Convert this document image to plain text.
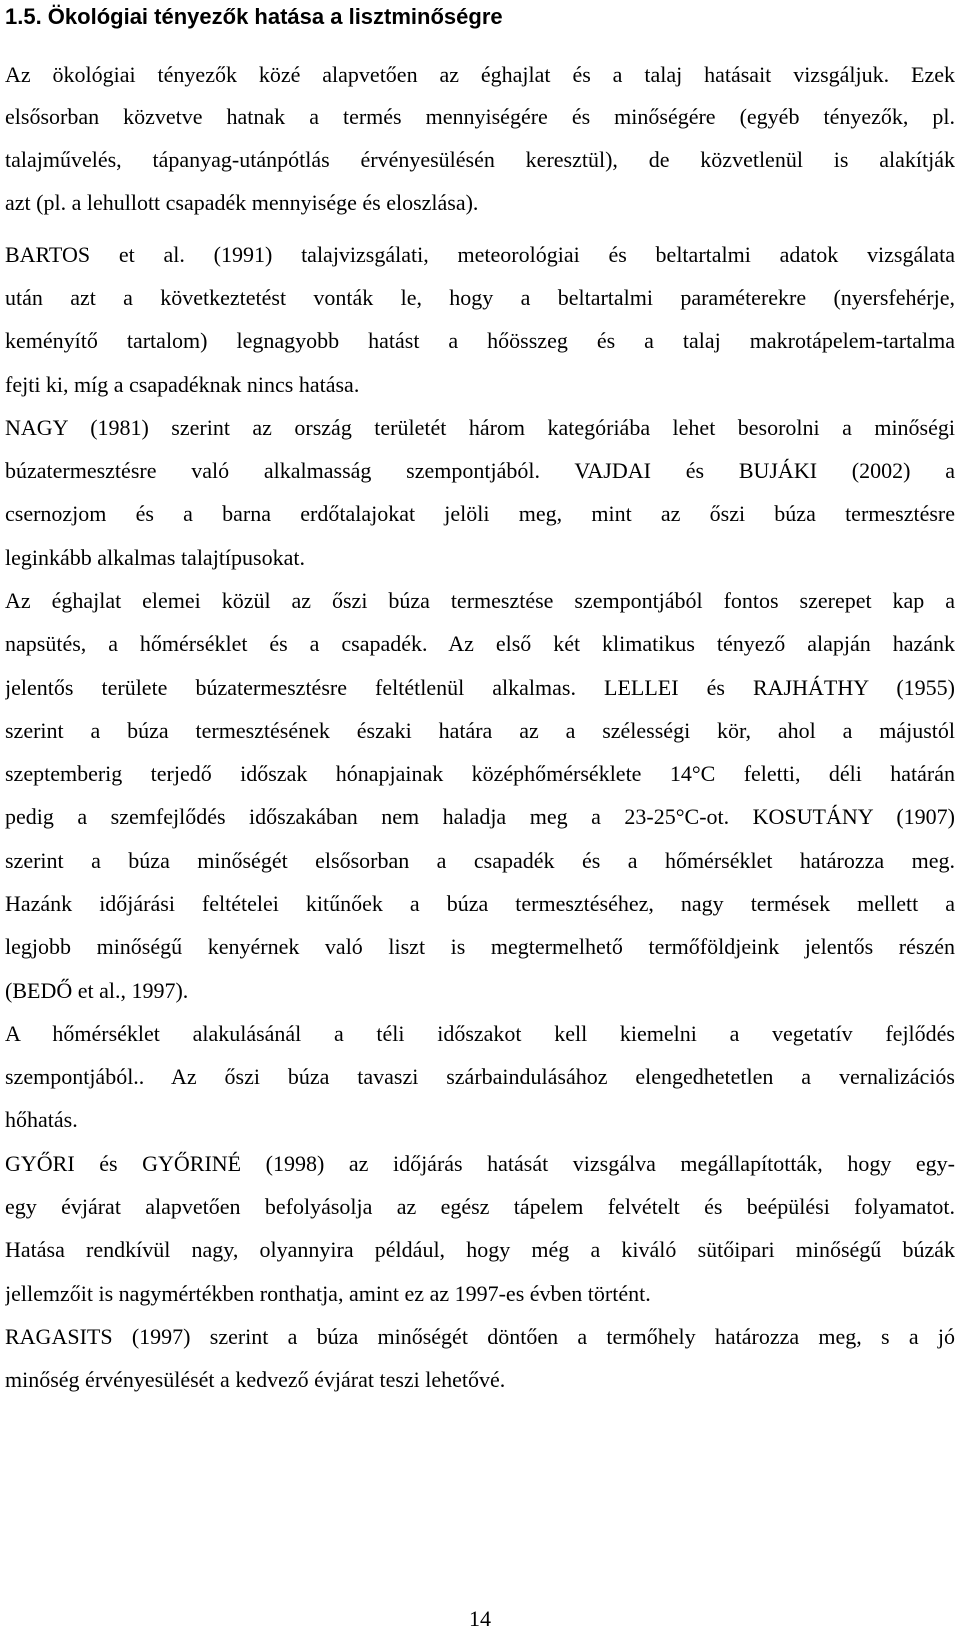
1.5. Ökológiai tényezők hatása a lisztminőségre
Az ökológiai tényezők közé alapvetően az éghajlat és a talaj hatásait vizsgáljuk. Ezek
elsősorban közvetve hatnak a termés mennyiségére és minőségére (egyéb tényezők, pl.
talajművelés, tápanyag-utánpótlás érvényesülésén keresztül), de közvetlenül is alakítják
azt (pl. a lehullott csapadék mennyisége és eloszlása).
BARTOS et al. (1991) talajvizsgálati, meteorológiai és beltartalmi adatok vizsgálata
után azt a következtetést vonták le, hogy a beltartalmi paraméterekre (nyersfehérje,
keményítő tartalom) legnagyobb hatást a hőösszeg és a talaj makrotápelem-tartalma
fejti ki, míg a csapadéknak nincs hatása.
NAGY (1981) szerint az ország területét három kategóriába lehet besorolni a minőségi
búzatermesztésre való alkalmasság szempontjából. VAJDAI és BUJÁKI (2002) a
csernozjom és a barna erdőtalajokat jelöli meg, mint az őszi búza termesztésre
leginkább alkalmas talajtípusokat.
Az éghajlat elemei közül az őszi búza termesztése szempontjából fontos szerepet kap a
napsütés, a hőmérséklet és a csapadék. Az első két klimatikus tényező alapján hazánk
jelentős területe búzatermesztésre feltétlenül alkalmas. LELLEI és RAJHÁTHY (1955)
szerint a búza termesztésének északi határa az a szélességi kör, ahol a májustól
szeptemberig terjedő időszak hónapjainak középhőmérséklete 14°C feletti, déli határán
pedig a szemfejlődés időszakában nem haladja meg a 23-25°C-ot. KOSUTÁNY (1907)
szerint a búza minőségét elsősorban a csapadék és a hőmérséklet határozza meg.
Hazánk időjárási feltételei kitűnőek a búza termesztéséhez, nagy termések mellett a
legjobb minőségű kenyérnek való liszt is megtermelhető termőföldjeink jelentős részén
(BEDŐ et al., 1997).
A hőmérséklet alakulásánál a téli időszakot kell kiemelni a vegetatív fejlődés
szempontjából.. Az őszi búza tavaszi szárbaindulásához elengedhetetlen a vernalizációs
hőhatás.
GYŐRI és GYŐRINÉ (1998) az időjárás hatását vizsgálva megállapították, hogy egy-
egy évjárat alapvetően befolyásolja az egész tápelem felvételt és beépülési folyamatot.
Hatása rendkívül nagy, olyannyira például, hogy még a kiváló sütőipari minőségű búzák
jellemzőit is nagymértékben ronthatja, amint ez az 1997-es évben történt.
RAGASITS (1997) szerint a búza minőségét döntően a termőhely határozza meg, s a jó
minőség érvényesülését a kedvező évjárat teszi lehetővé.
14
